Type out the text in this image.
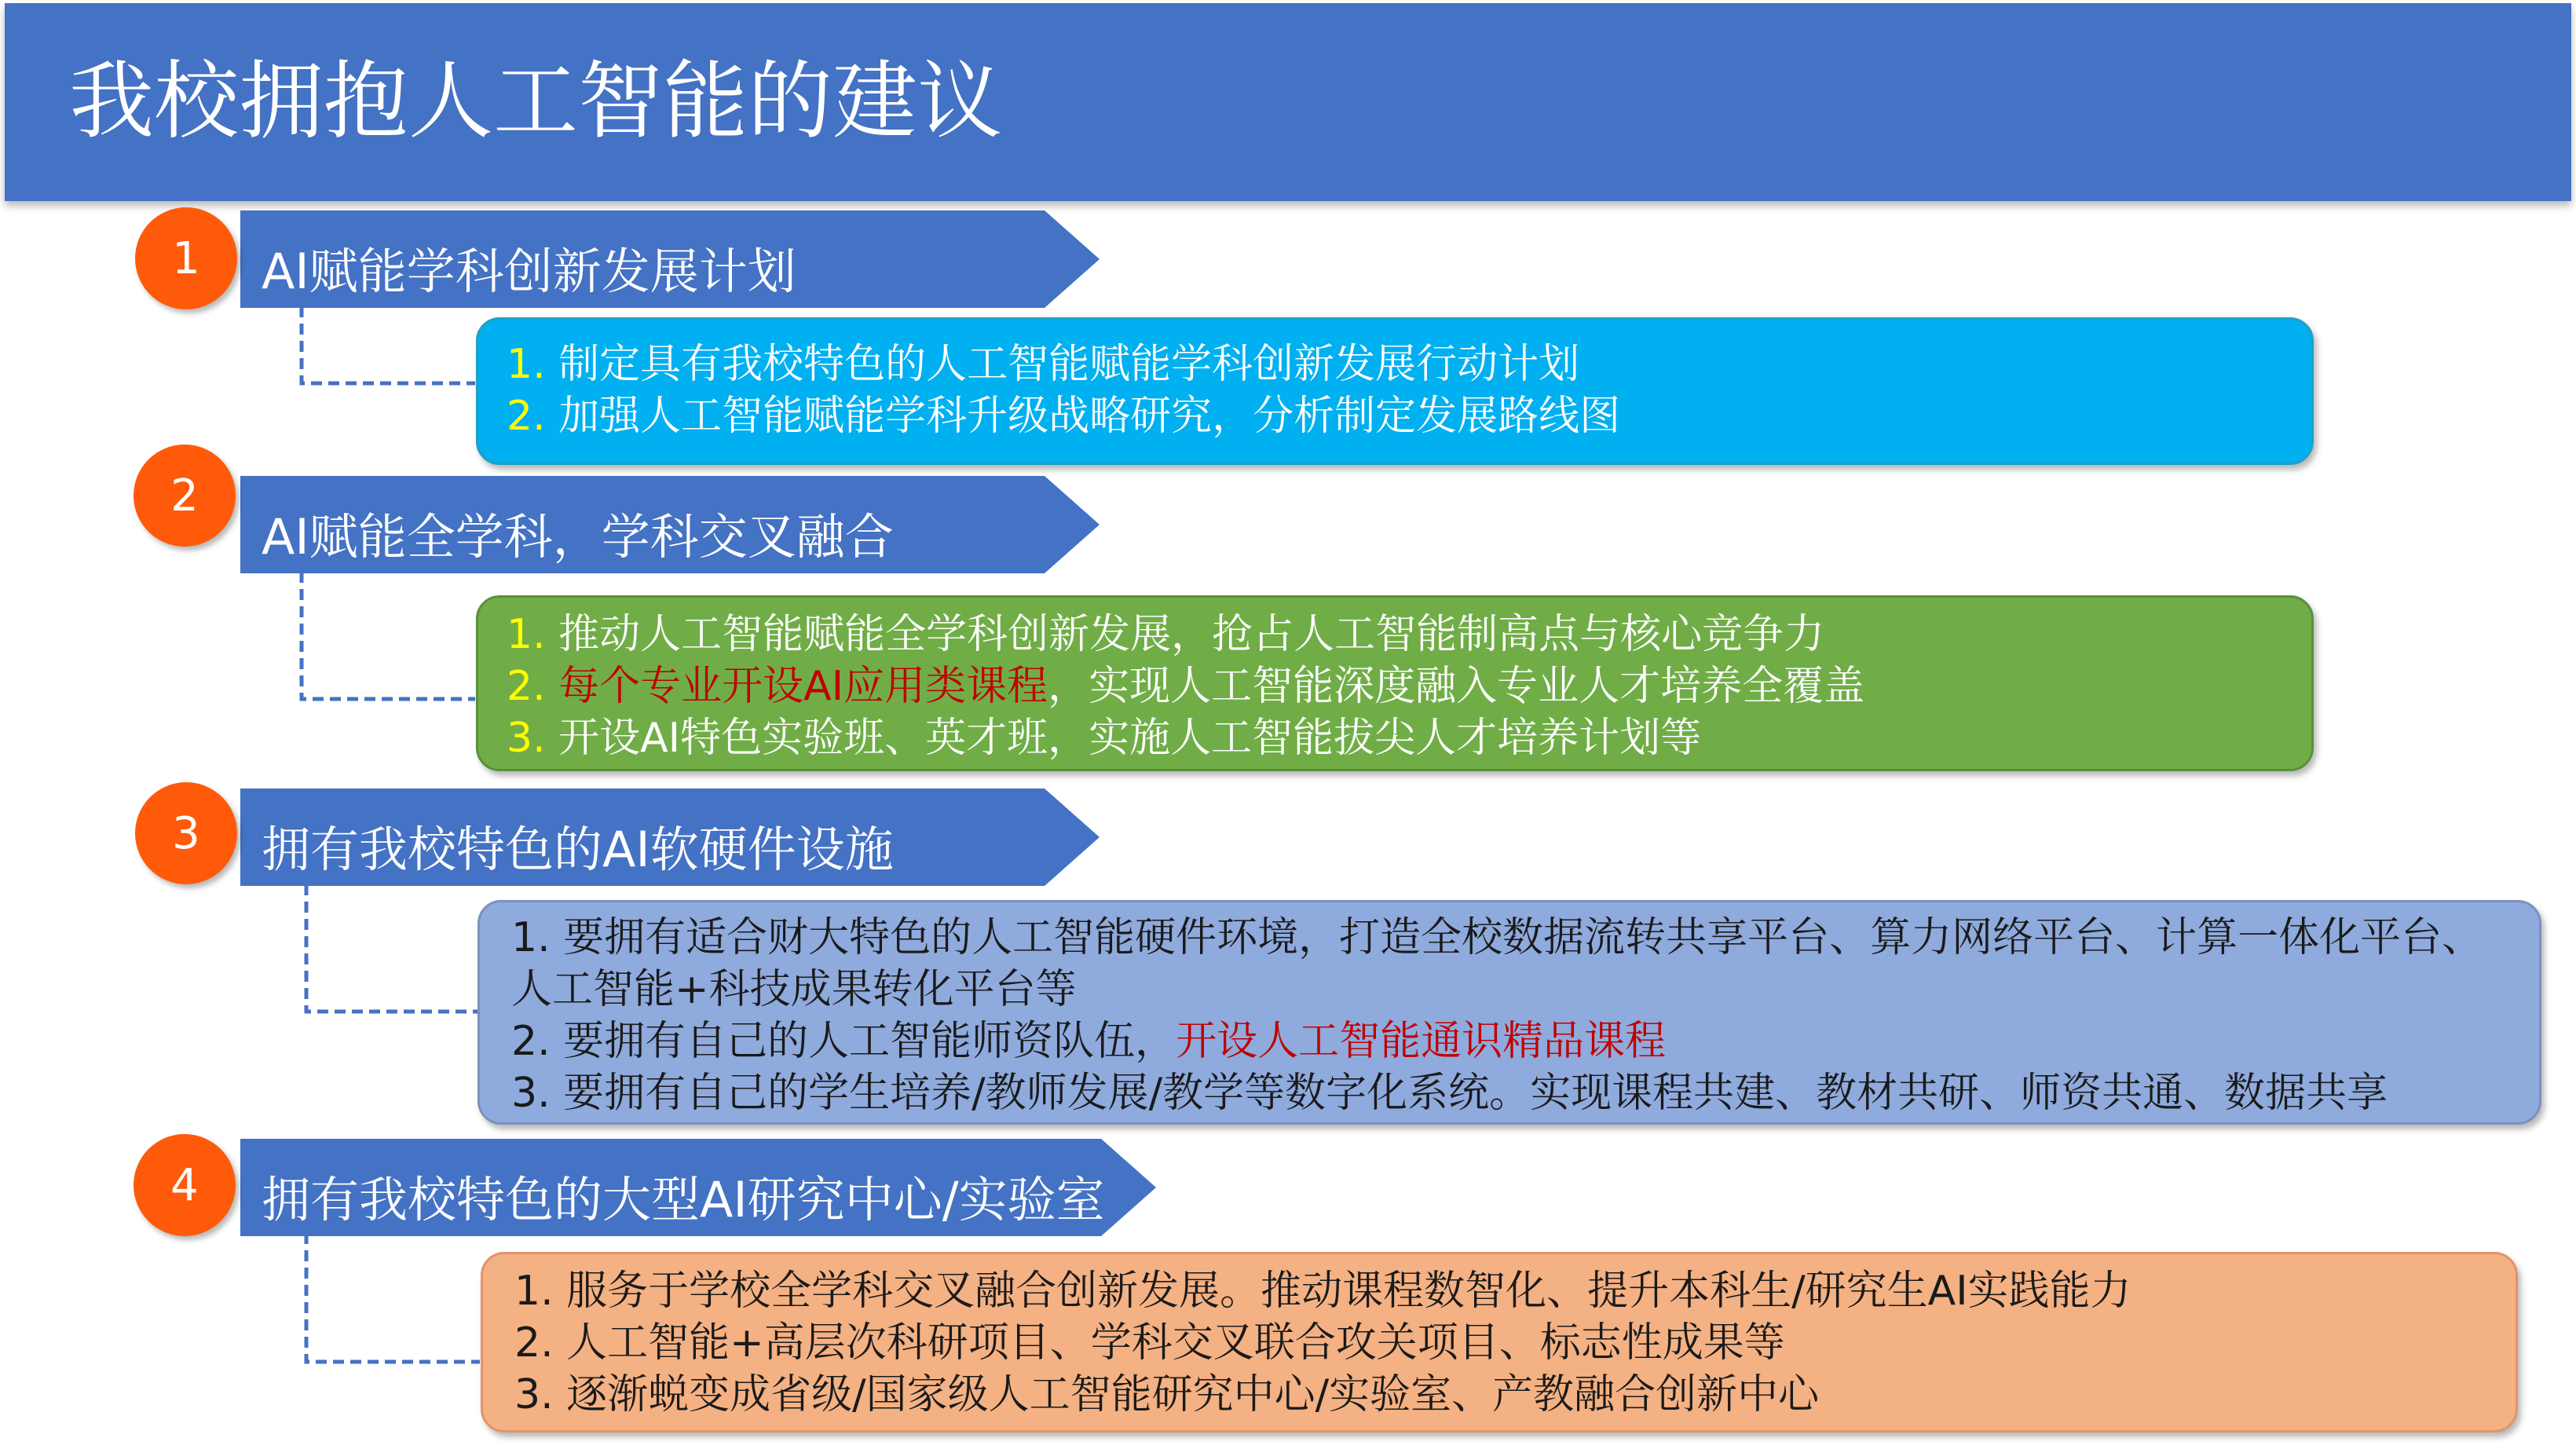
我校拥抱人工智能的建议
AI赋能学科创新发展计划
1

1. 制定具有我校特色的人工智能赋能学科创新发展行动计划

2. 加强人工智能赋能学科升级战略研究，分析制定发展路线图

AI赋能全学科，学科交叉融合
2

1. 推动人工智能赋能全学科创新发展，抢占人工智能制高点与核心竞争力

2. 每个专业开设AI应用类课程，实现人工智能深度融入专业人才培养全覆盖

3. 开设AI特色实验班、英才班，实施人工智能拔尖人才培养计划等

拥有我校特色的AI软硬件设施
3

1. 要拥有适合财大特色的人工智能硬件环境，打造全校数据流转共享平台、算力网络平台、计算一体化平台、人工智能+科技成果转化平台等

2. 要拥有自己的人工智能师资队伍，开设人工智能通识精品课程

3. 要拥有自己的学生培养/教师发展/教学等数字化系统。实现课程共建、教材共研、师资共通、数据共享

拥有我校特色的大型AI研究中心/实验室
4

1. 服务于学校全学科交叉融合创新发展。推动课程数智化、提升本科生/研究生AI实践能力

2. 人工智能+高层次科研项目、学科交叉联合攻关项目、标志性成果等

3. 逐渐蜕变成省级/国家级人工智能研究中心/实验室、产教融合创新中心
